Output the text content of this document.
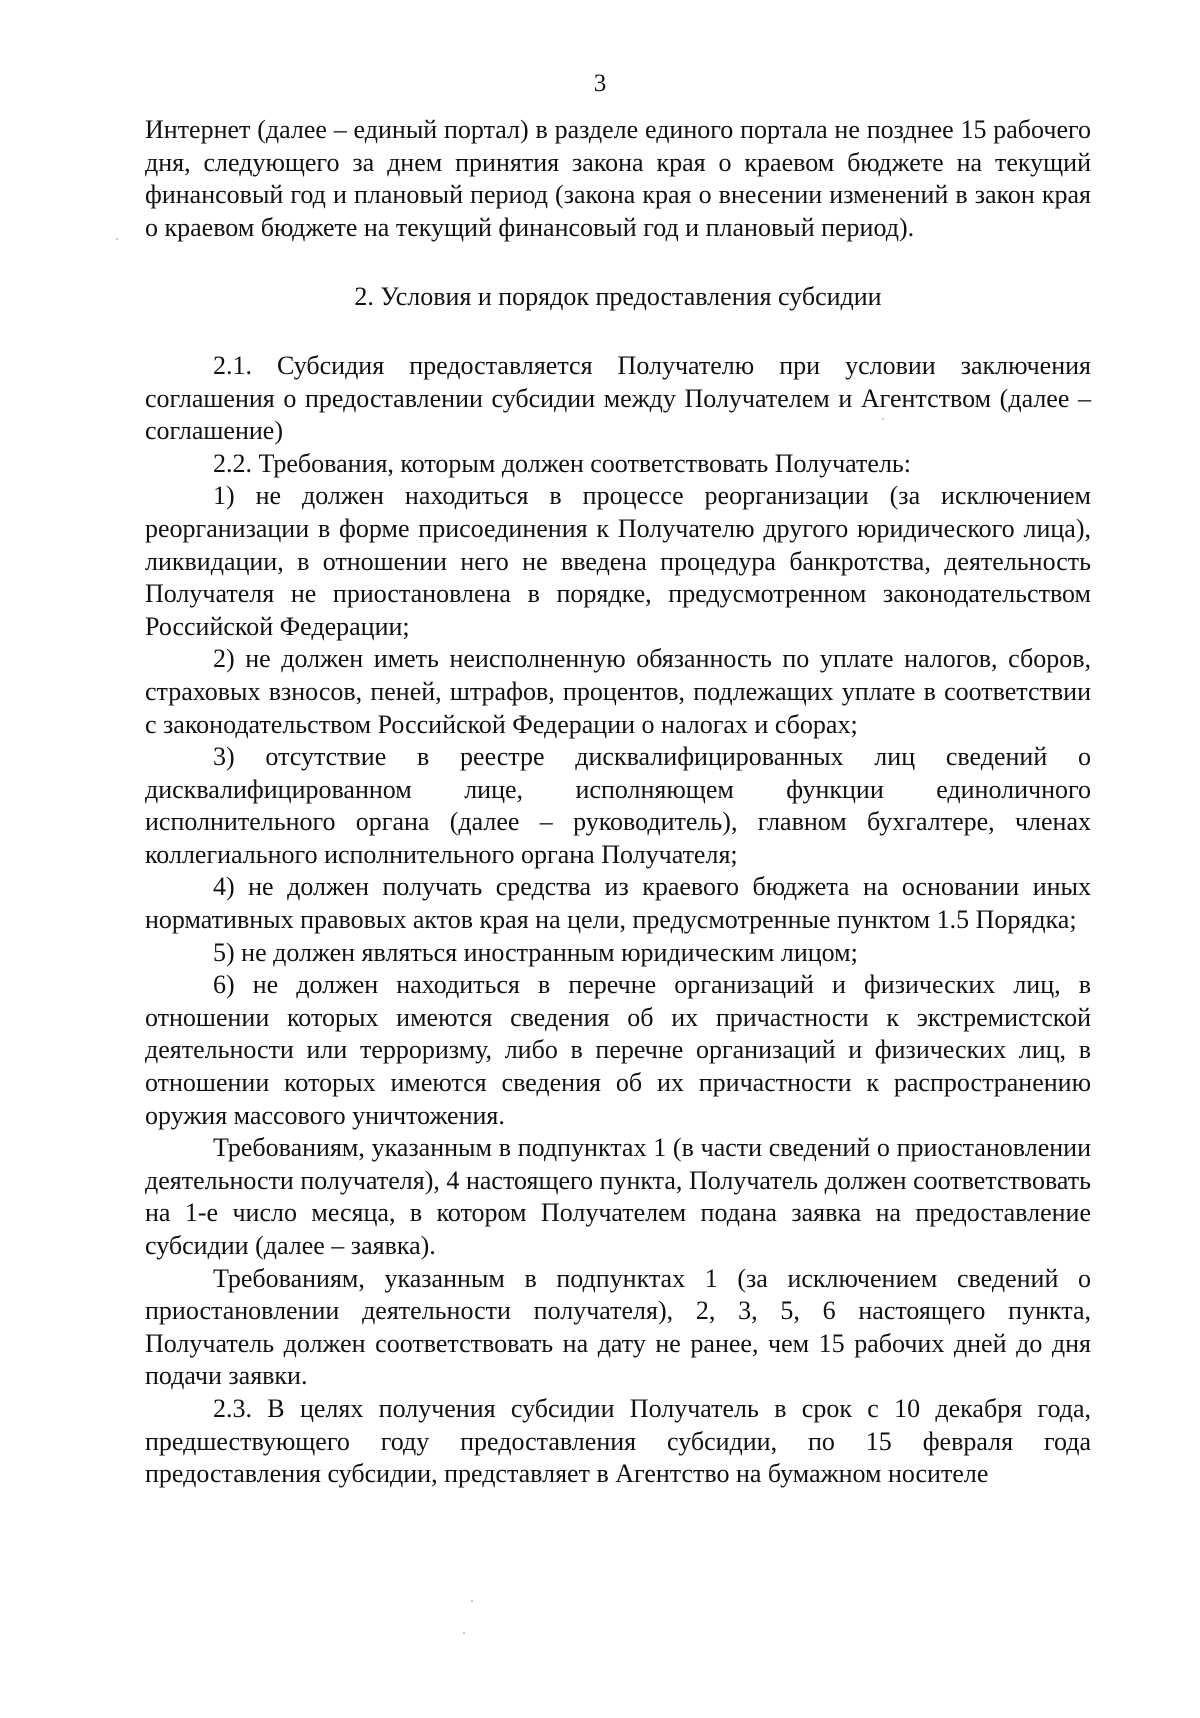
3

Интернет (далее – единый портал) в разделе единого портала не позднее 15 рабочего дня, следующего за днем принятия закона края о краевом бюджете на текущий финансовый год и плановый период (закона края о внесении изменений в закон края о краевом бюджете на текущий финансовый год и плановый период).

2. Условия и порядок предоставления субсидии

2.1. Субсидия предоставляется Получателю при условии заключения соглашения о предоставлении субсидии между Получателем и Агентством (далее – соглашение)

2.2. Требования, которым должен соответствовать Получатель:

1) не должен находиться в процессе реорганизации (за исключением реорганизации в форме присоединения к Получателю другого юридического лица), ликвидации, в отношении него не введена процедура банкротства, деятельность Получателя не приостановлена в порядке, предусмотренном законодательством Российской Федерации;

2) не должен иметь неисполненную обязанность по уплате налогов, сборов, страховых взносов, пеней, штрафов, процентов, подлежащих уплате в соответствии с законодательством Российской Федерации о налогах и сборах;

3) отсутствие в реестре дисквалифицированных лиц сведений о дисквалифицированном лице, исполняющем функции единоличного исполнительного органа (далее – руководитель), главном бухгалтере, членах коллегиального исполнительного органа Получателя;

4) не должен получать средства из краевого бюджета на основании иных нормативных правовых актов края на цели, предусмотренные пунктом 1.5 Порядка;

5) не должен являться иностранным юридическим лицом;

6) не должен находиться в перечне организаций и физических лиц, в отношении которых имеются сведения об их причастности к экстремистской деятельности или терроризму, либо в перечне организаций и физических лиц, в отношении которых имеются сведения об их причастности к распространению оружия массового уничтожения.

Требованиям, указанным в подпунктах 1 (в части сведений о приостановлении деятельности получателя), 4 настоящего пункта, Получатель должен соответствовать на 1-е число месяца, в котором Получателем подана заявка на предоставление субсидии (далее – заявка).

Требованиям, указанным в подпунктах 1 (за исключением сведений о приостановлении деятельности получателя), 2, 3, 5, 6 настоящего пункта, Получатель должен соответствовать на дату не ранее, чем 15 рабочих дней до дня подачи заявки.

2.3. В целях получения субсидии Получатель в срок с 10 декабря года, предшествующего году предоставления субсидии, по 15 февраля года предоставления субсидии, представляет в Агентство на бумажном носителе
